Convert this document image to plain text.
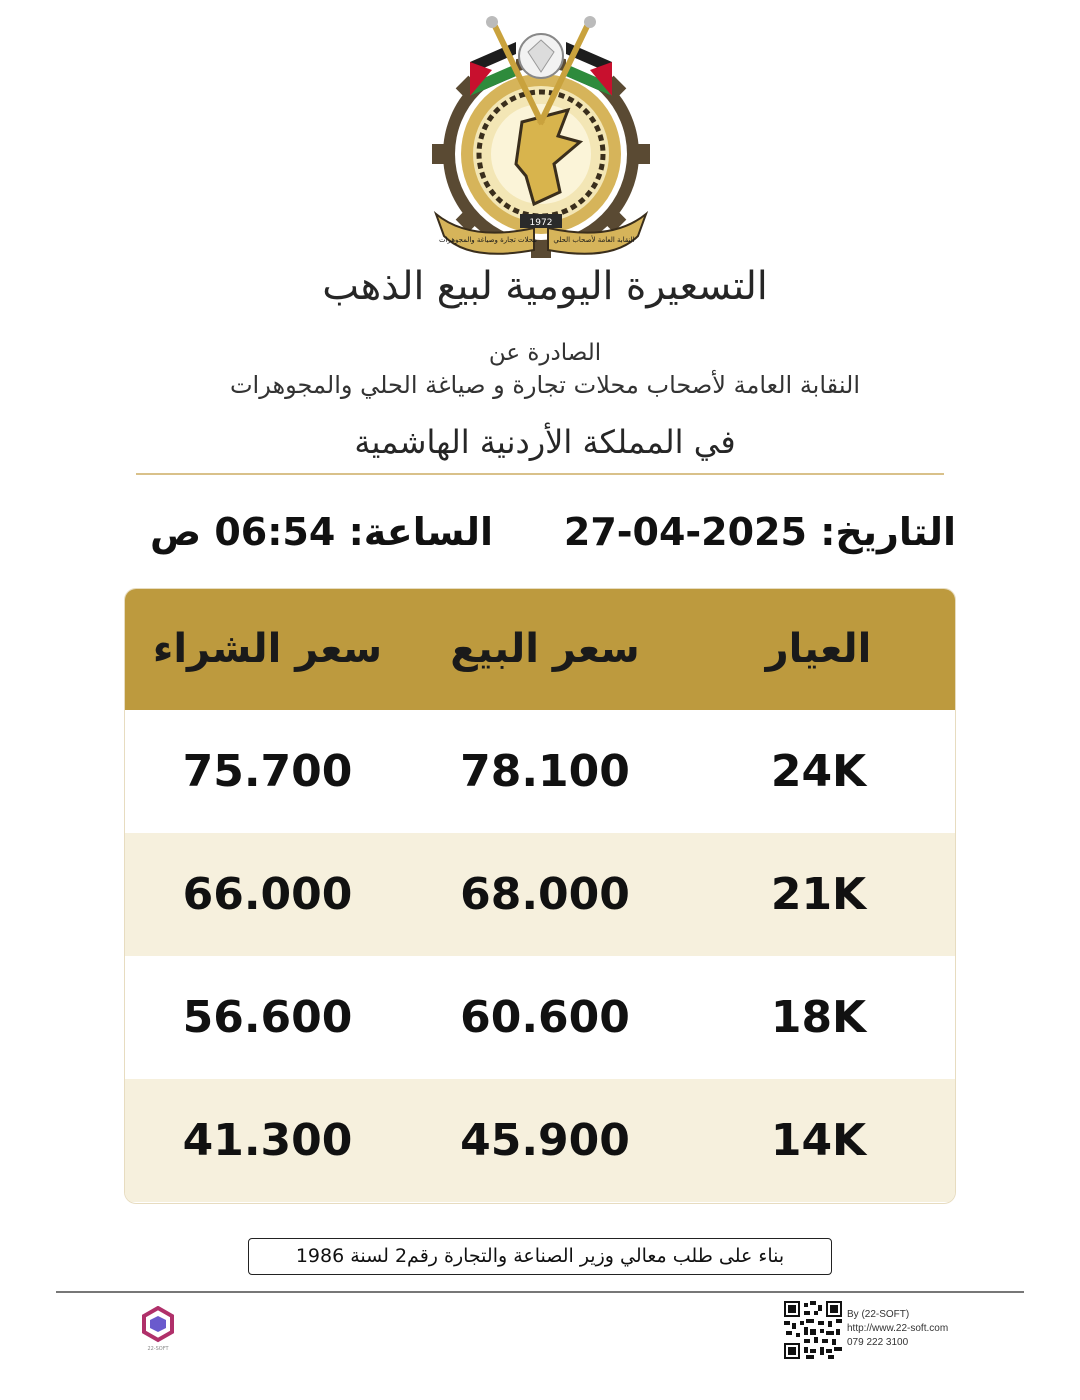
1972
محلات تجارة وصياغة والمجوهرات النقابة العامة لأصحاب الحلي
التسعيرة اليومية لبيع الذهب
الصادرة عن
النقابة العامة لأصحاب محلات تجارة و صياغة الحلي والمجوهرات
في المملكة الأردنية الهاشمية
التاريخ: 27-04-2025
الساعة: 06:54 ص
سعر الشراء	سعر البيع	العيار
75.700	78.100	24K
66.000	68.000	21K
56.600	60.600	18K
41.300	45.900	14K
بناء على طلب معالي وزير الصناعة والتجارة رقم2 لسنة 1986
22-SOFT
By (22-SOFT)
http://www.22-soft.com
079 222 3100
